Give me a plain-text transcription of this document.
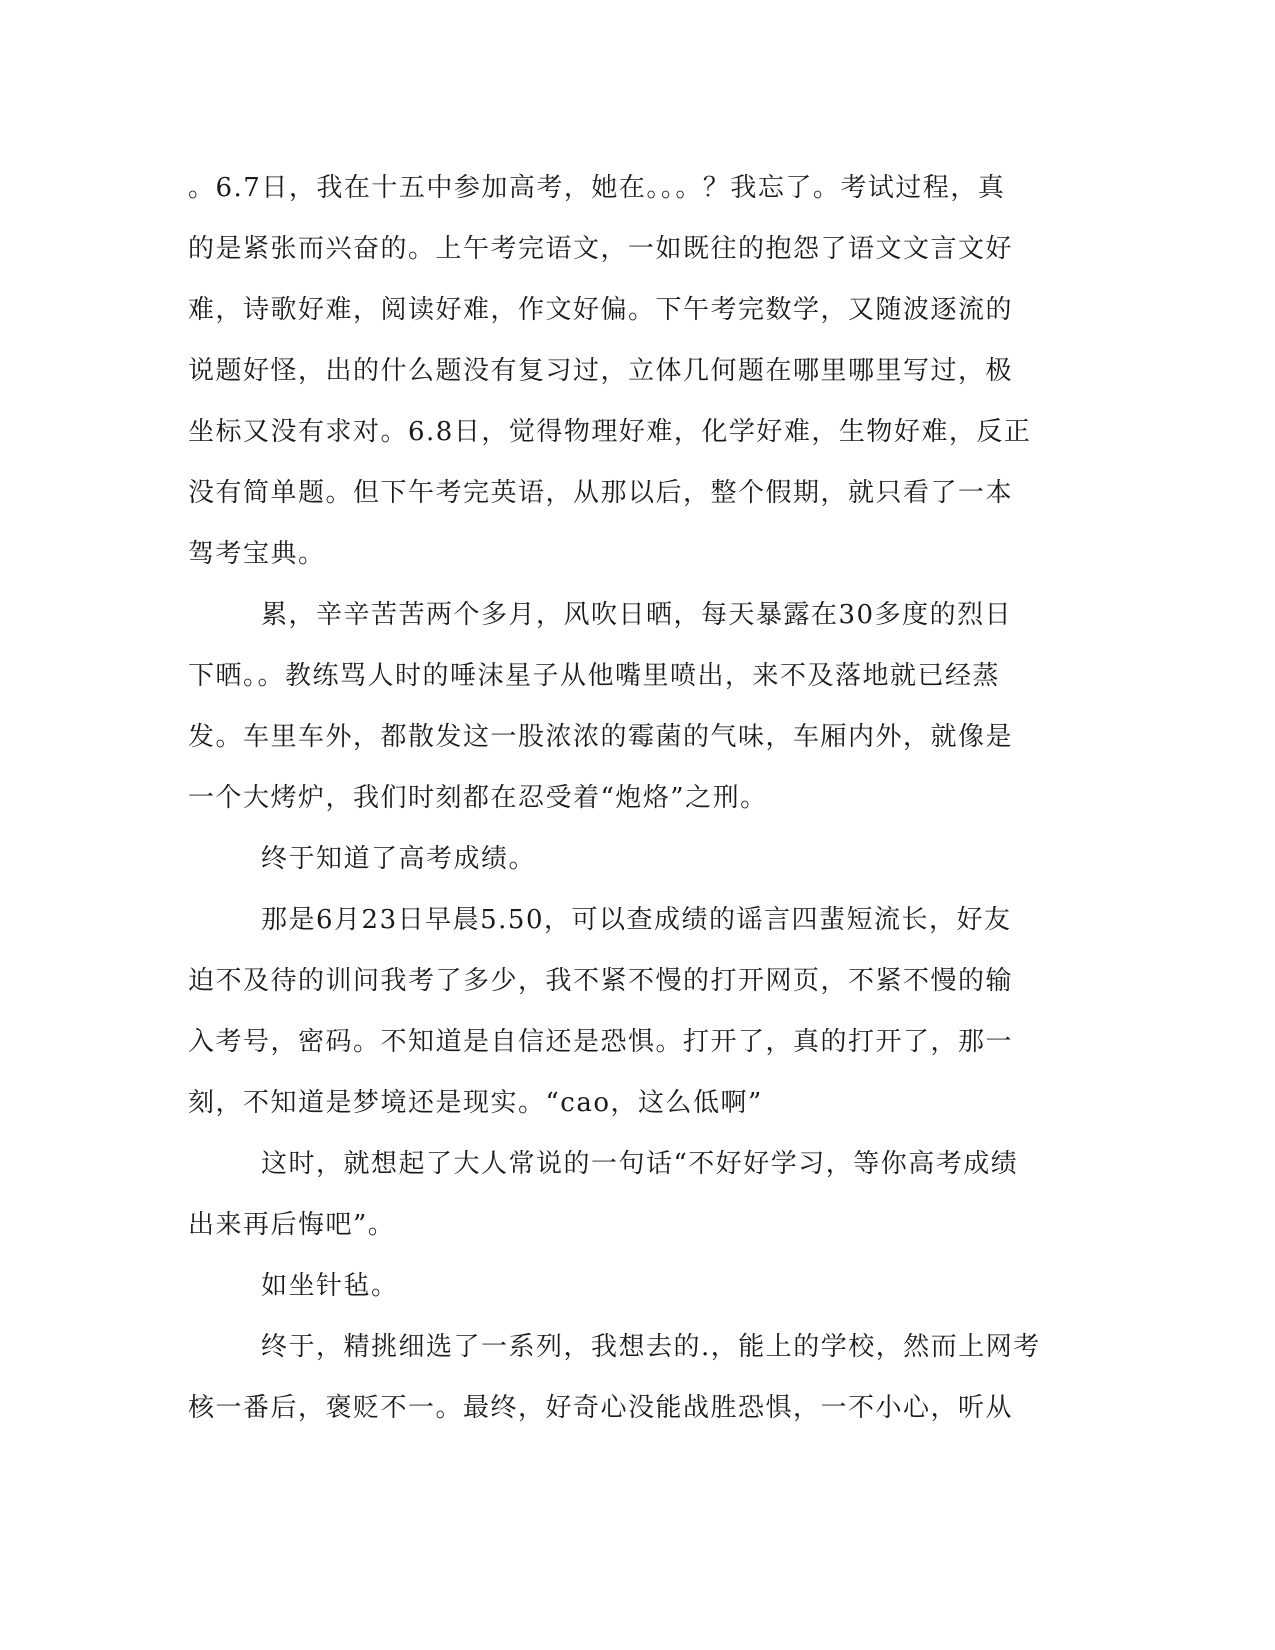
。6.7日，我在十五中参加高考，她在。。。？我忘了。考试过程，真
的是紧张而兴奋的。上午考完语文，一如既往的抱怨了语文文言文好
难，诗歌好难，阅读好难，作文好偏。下午考完数学，又随波逐流的
说题好怪，出的什么题没有复习过，立体几何题在哪里哪里写过，极
坐标又没有求对。6.8日，觉得物理好难，化学好难，生物好难，反正
没有简单题。但下午考完英语，从那以后，整个假期，就只看了一本
驾考宝典。
累，辛辛苦苦两个多月，风吹日晒，每天暴露在30多度的烈日
下晒。。教练骂人时的唾沫星子从他嘴里喷出，来不及落地就已经蒸
发。车里车外，都散发这一股浓浓的霉菌的气味，车厢内外，就像是
一个大烤炉，我们时刻都在忍受着“炮烙”之刑。
终于知道了高考成绩。
那是6月23日早晨5.50，可以查成绩的谣言四蜚短流长，好友
迫不及待的训问我考了多少，我不紧不慢的打开网页，不紧不慢的输
入考号，密码。不知道是自信还是恐惧。打开了，真的打开了，那一
刻，不知道是梦境还是现实。“cao，这么低啊”
这时，就想起了大人常说的一句话“不好好学习，等你高考成绩
出来再后悔吧”。
如坐针毡。
终于，精挑细选了一系列，我想去的.，能上的学校，然而上网考
核一番后，褒贬不一。最终，好奇心没能战胜恐惧，一不小心，听从
